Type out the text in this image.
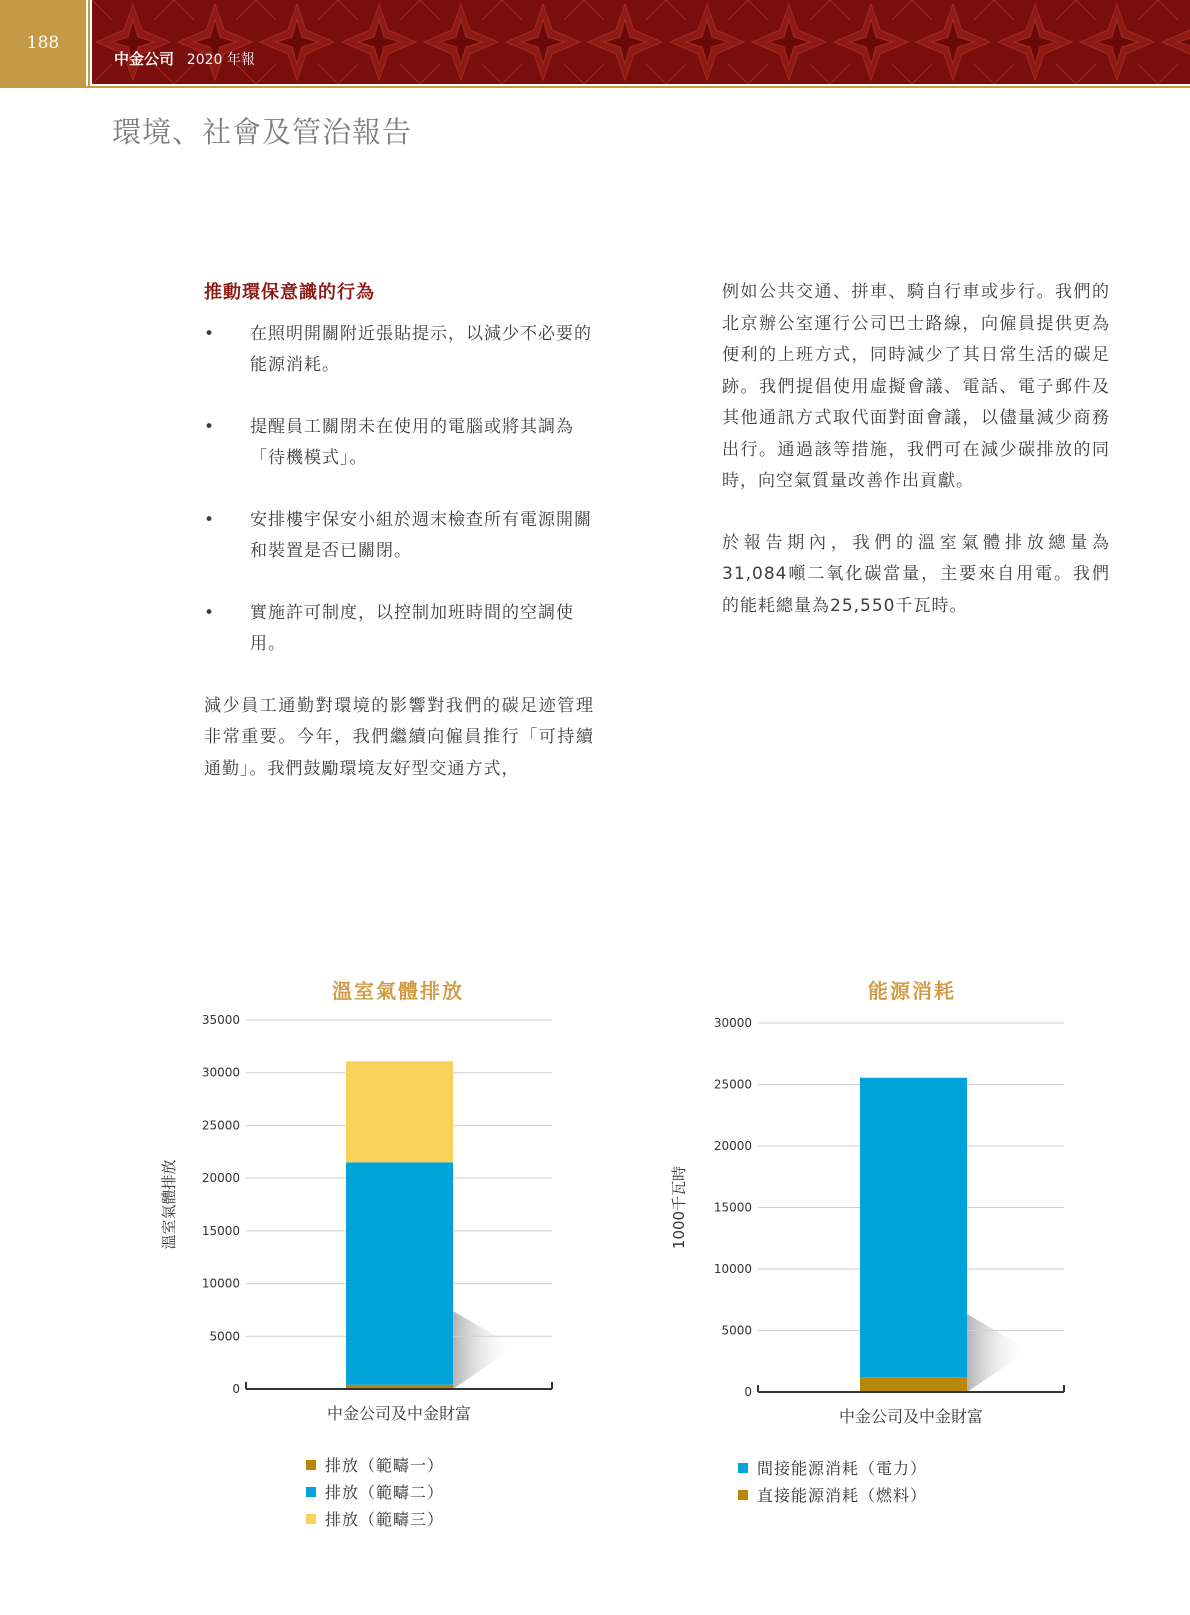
188
中金公司 2020 年報
環境、社會及管治報告
推動環保意識的行為
• 在照明開關附近張貼提示，以減少不必要的能源消耗。
• 提醒員工關閉未在使用的電腦或將其調為「待機模式」。
• 安排樓宇保安小組於週末檢查所有電源開關和裝置是否已關閉。
• 實施許可制度，以控制加班時間的空調使用。

減少員工通勤對環境的影響對我們的碳足迹管理非常重要。今年，我們繼續向僱員推行「可持續通勤」。我們鼓勵環境友好型交通方式，

例如公共交通、拼車、騎自行車或步行。我們的北京辦公室運行公司巴士路線，向僱員提供更為便利的上班方式，同時減少了其日常生活的碳足跡。我們提倡使用虛擬會議、電話、電子郵件及其他通訊方式取代面對面會議，以儘量減少商務出行。通過該等措施，我們可在減少碳排放的同時，向空氣質量改善作出貢獻。

於報告期內，我們的溫室氣體排放總量為31,084噸二氧化碳當量，主要來自用電。我們的能耗總量為25,550千瓦時。

溫室氣體排放
0
5000
10000
15000
20000
25000
30000
35000
中金公司及中金財富
溫室氣體排放
排放（範疇一）
排放（範疇二）
排放（範疇三）
能源消耗
0
5000
10000
15000
20000
25000
30000
中金公司及中金財富
1000千瓦時
間接能源消耗（電力）
直接能源消耗（燃料）
